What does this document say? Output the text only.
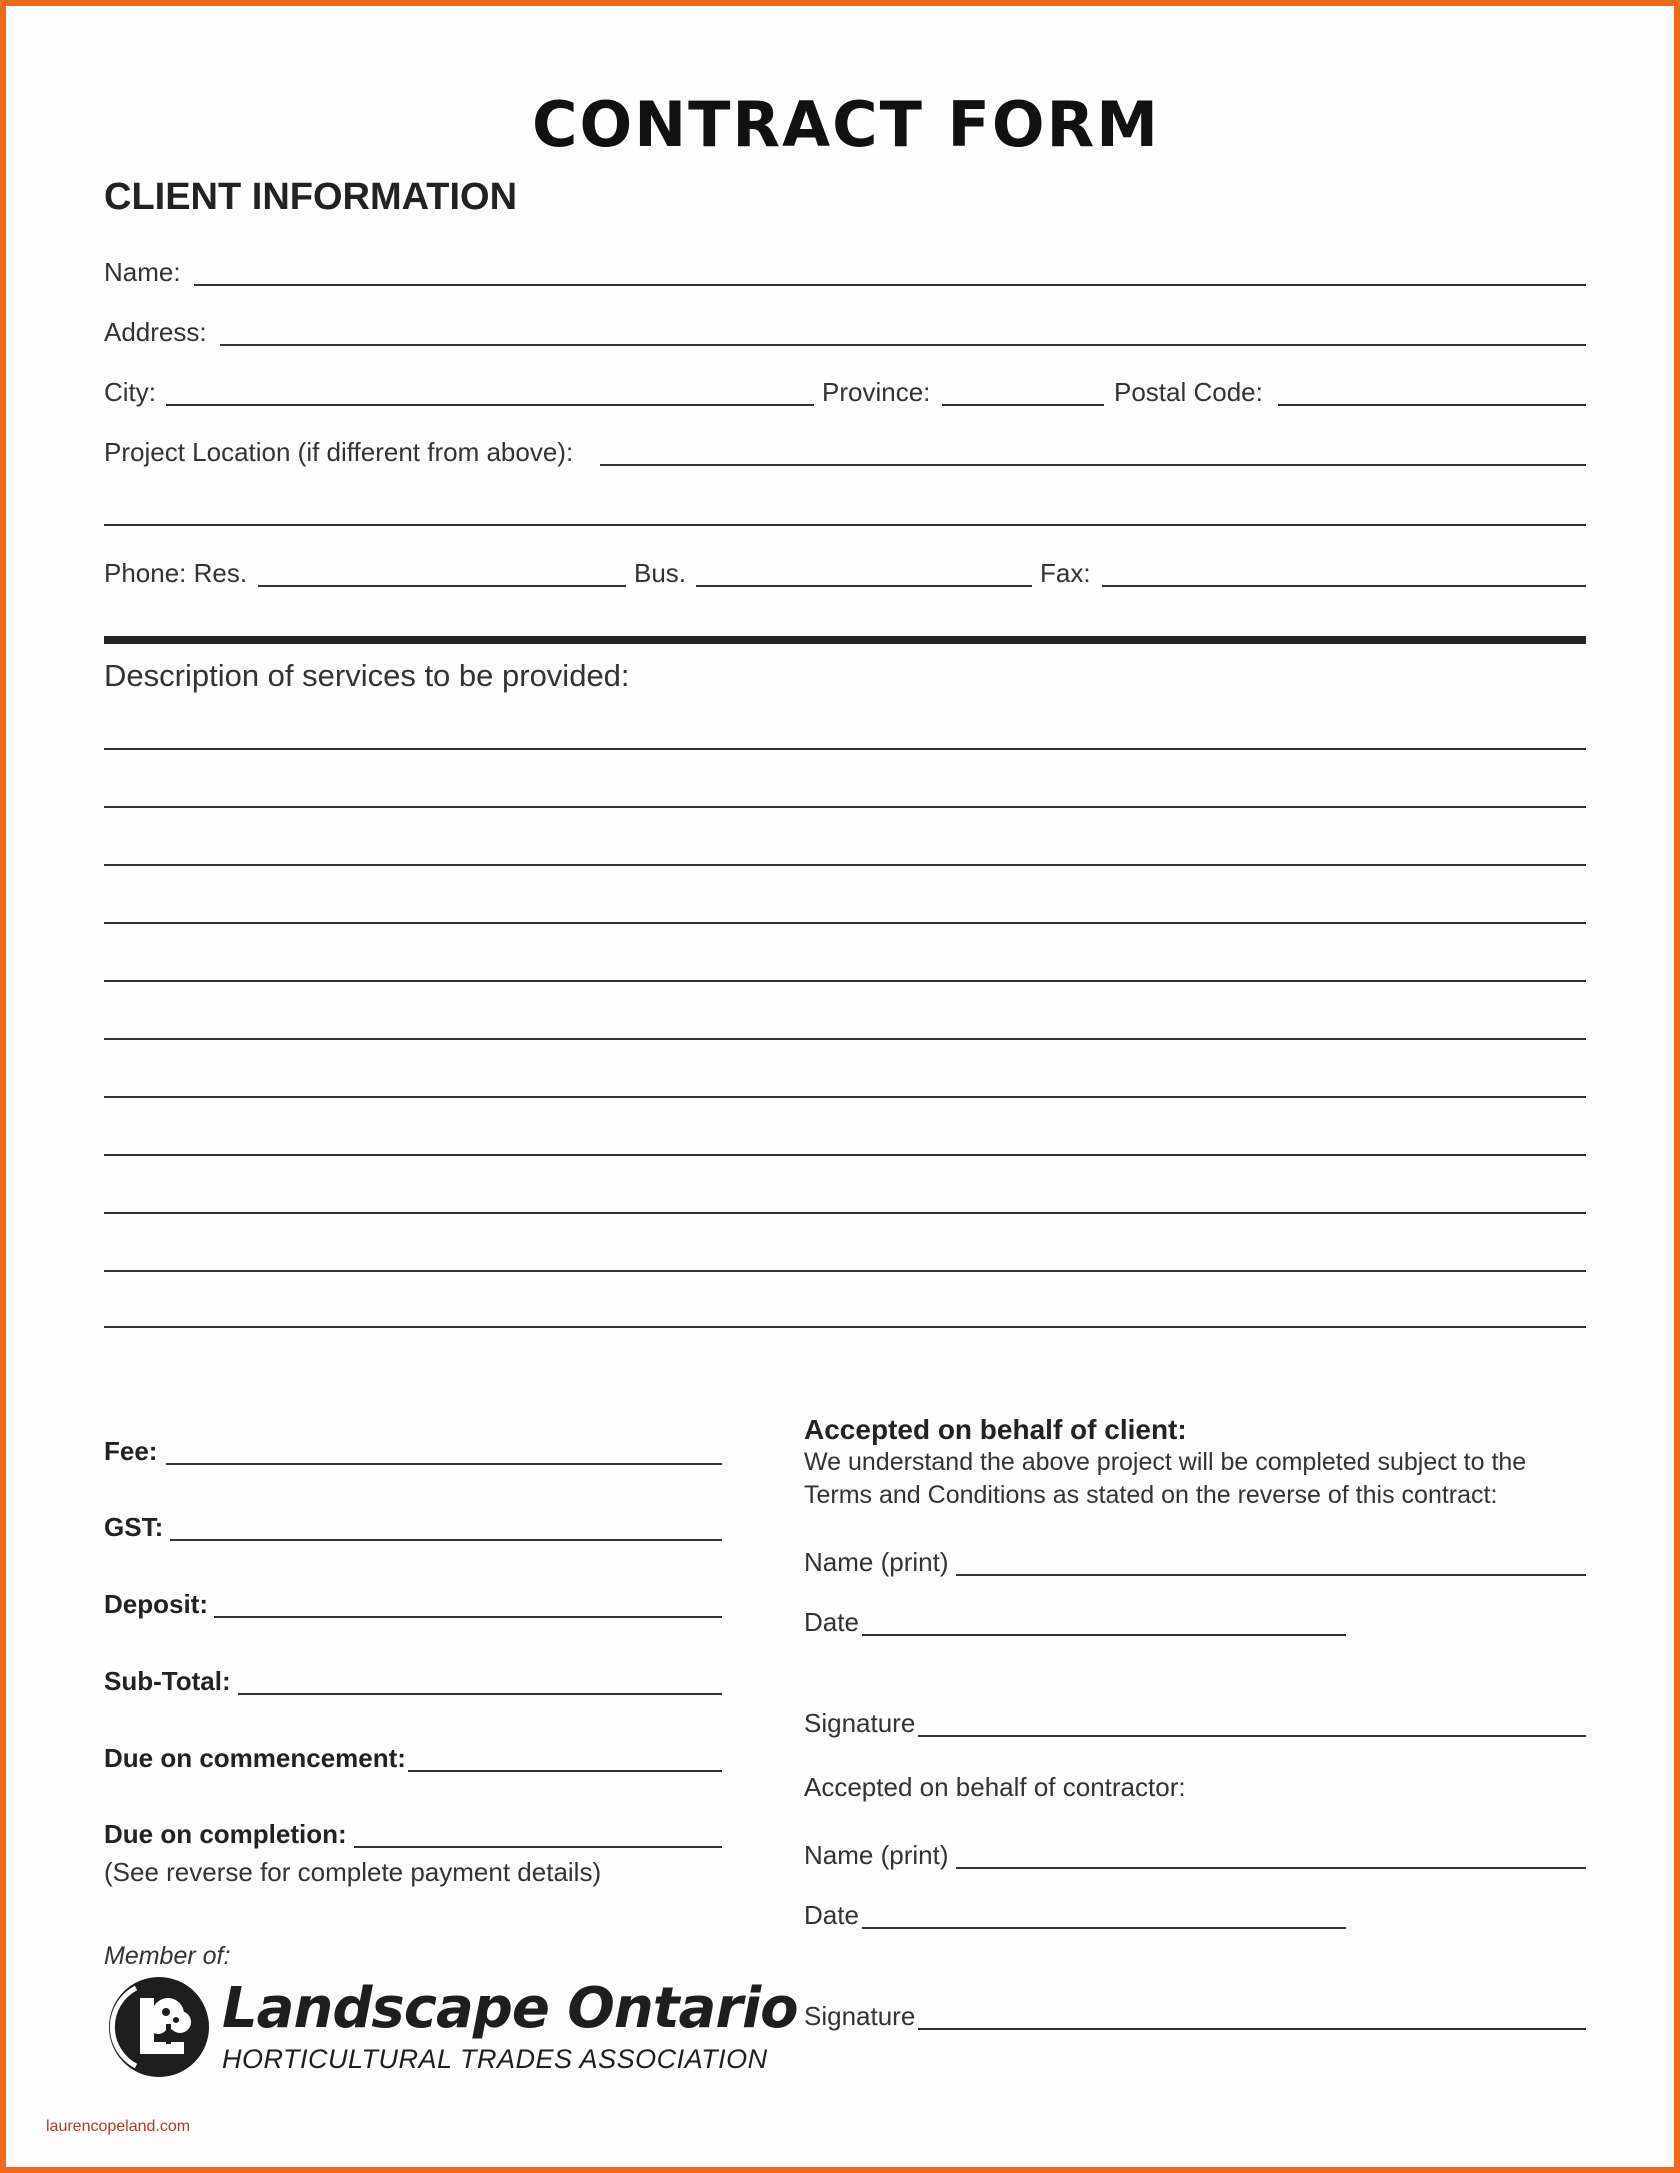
CONTRACT FORM
CLIENT INFORMATION
Name:
Address:
City:	Province:	Postal Code:
Project Location (if different from above):
Phone: Res.	Bus.	Fax:
Description of services to be provided:
Fee:
GST:
Deposit:
Sub-Total:
Due on commencement:
Due on completion:
(See reverse for complete payment details)
Accepted on behalf of client:
We understand the above project will be completed subject to the Terms and Conditions as stated on the reverse of this contract:
Name (print)
Date
Signature
Accepted on behalf of contractor:
Name (print)
Date
Signature
Member of:
Landscape Ontario
HORTICULTURAL TRADES ASSOCIATION
laurencopeland.com
